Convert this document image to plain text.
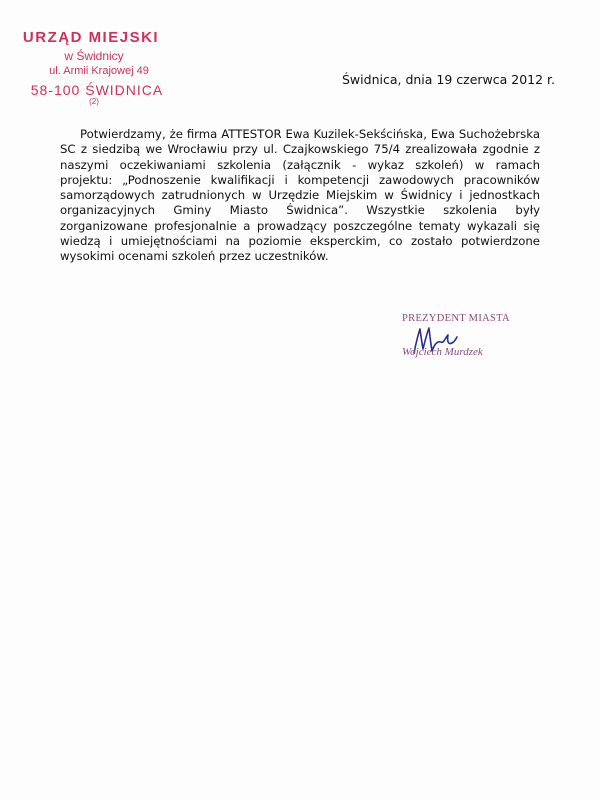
URZĄD MIEJSKI
w Świdnicy
ul. Armii Krajowej 49
58-100 ŚWIDNICA
(2)
Świdnica, dnia 19 czerwca 2012 r.
Potwierdzamy, że firma ATTESTOR Ewa Kuzilek-Sekścińska, Ewa Suchożebrska
SC z siedzibą we Wrocławiu przy ul. Czajkowskiego 75/4 zrealizowała zgodnie z
naszymi oczekiwaniami szkolenia (załącznik - wykaz szkoleń) w ramach
projektu: „Podnoszenie kwalifikacji i kompetencji zawodowych pracowników
samorządowych zatrudnionych w Urzędzie Miejskim w Świdnicy i jednostkach
organizacyjnych Gminy Miasto Świdnica”. Wszystkie szkolenia były
zorganizowane profesjonalnie a prowadzący poszczególne tematy wykazali się
wiedzą i umiejętnościami na poziomie eksperckim, co zostało potwierdzone
wysokimi ocenami szkoleń przez uczestników.
PREZYDENT MIASTA
Wojciech Murdzek
